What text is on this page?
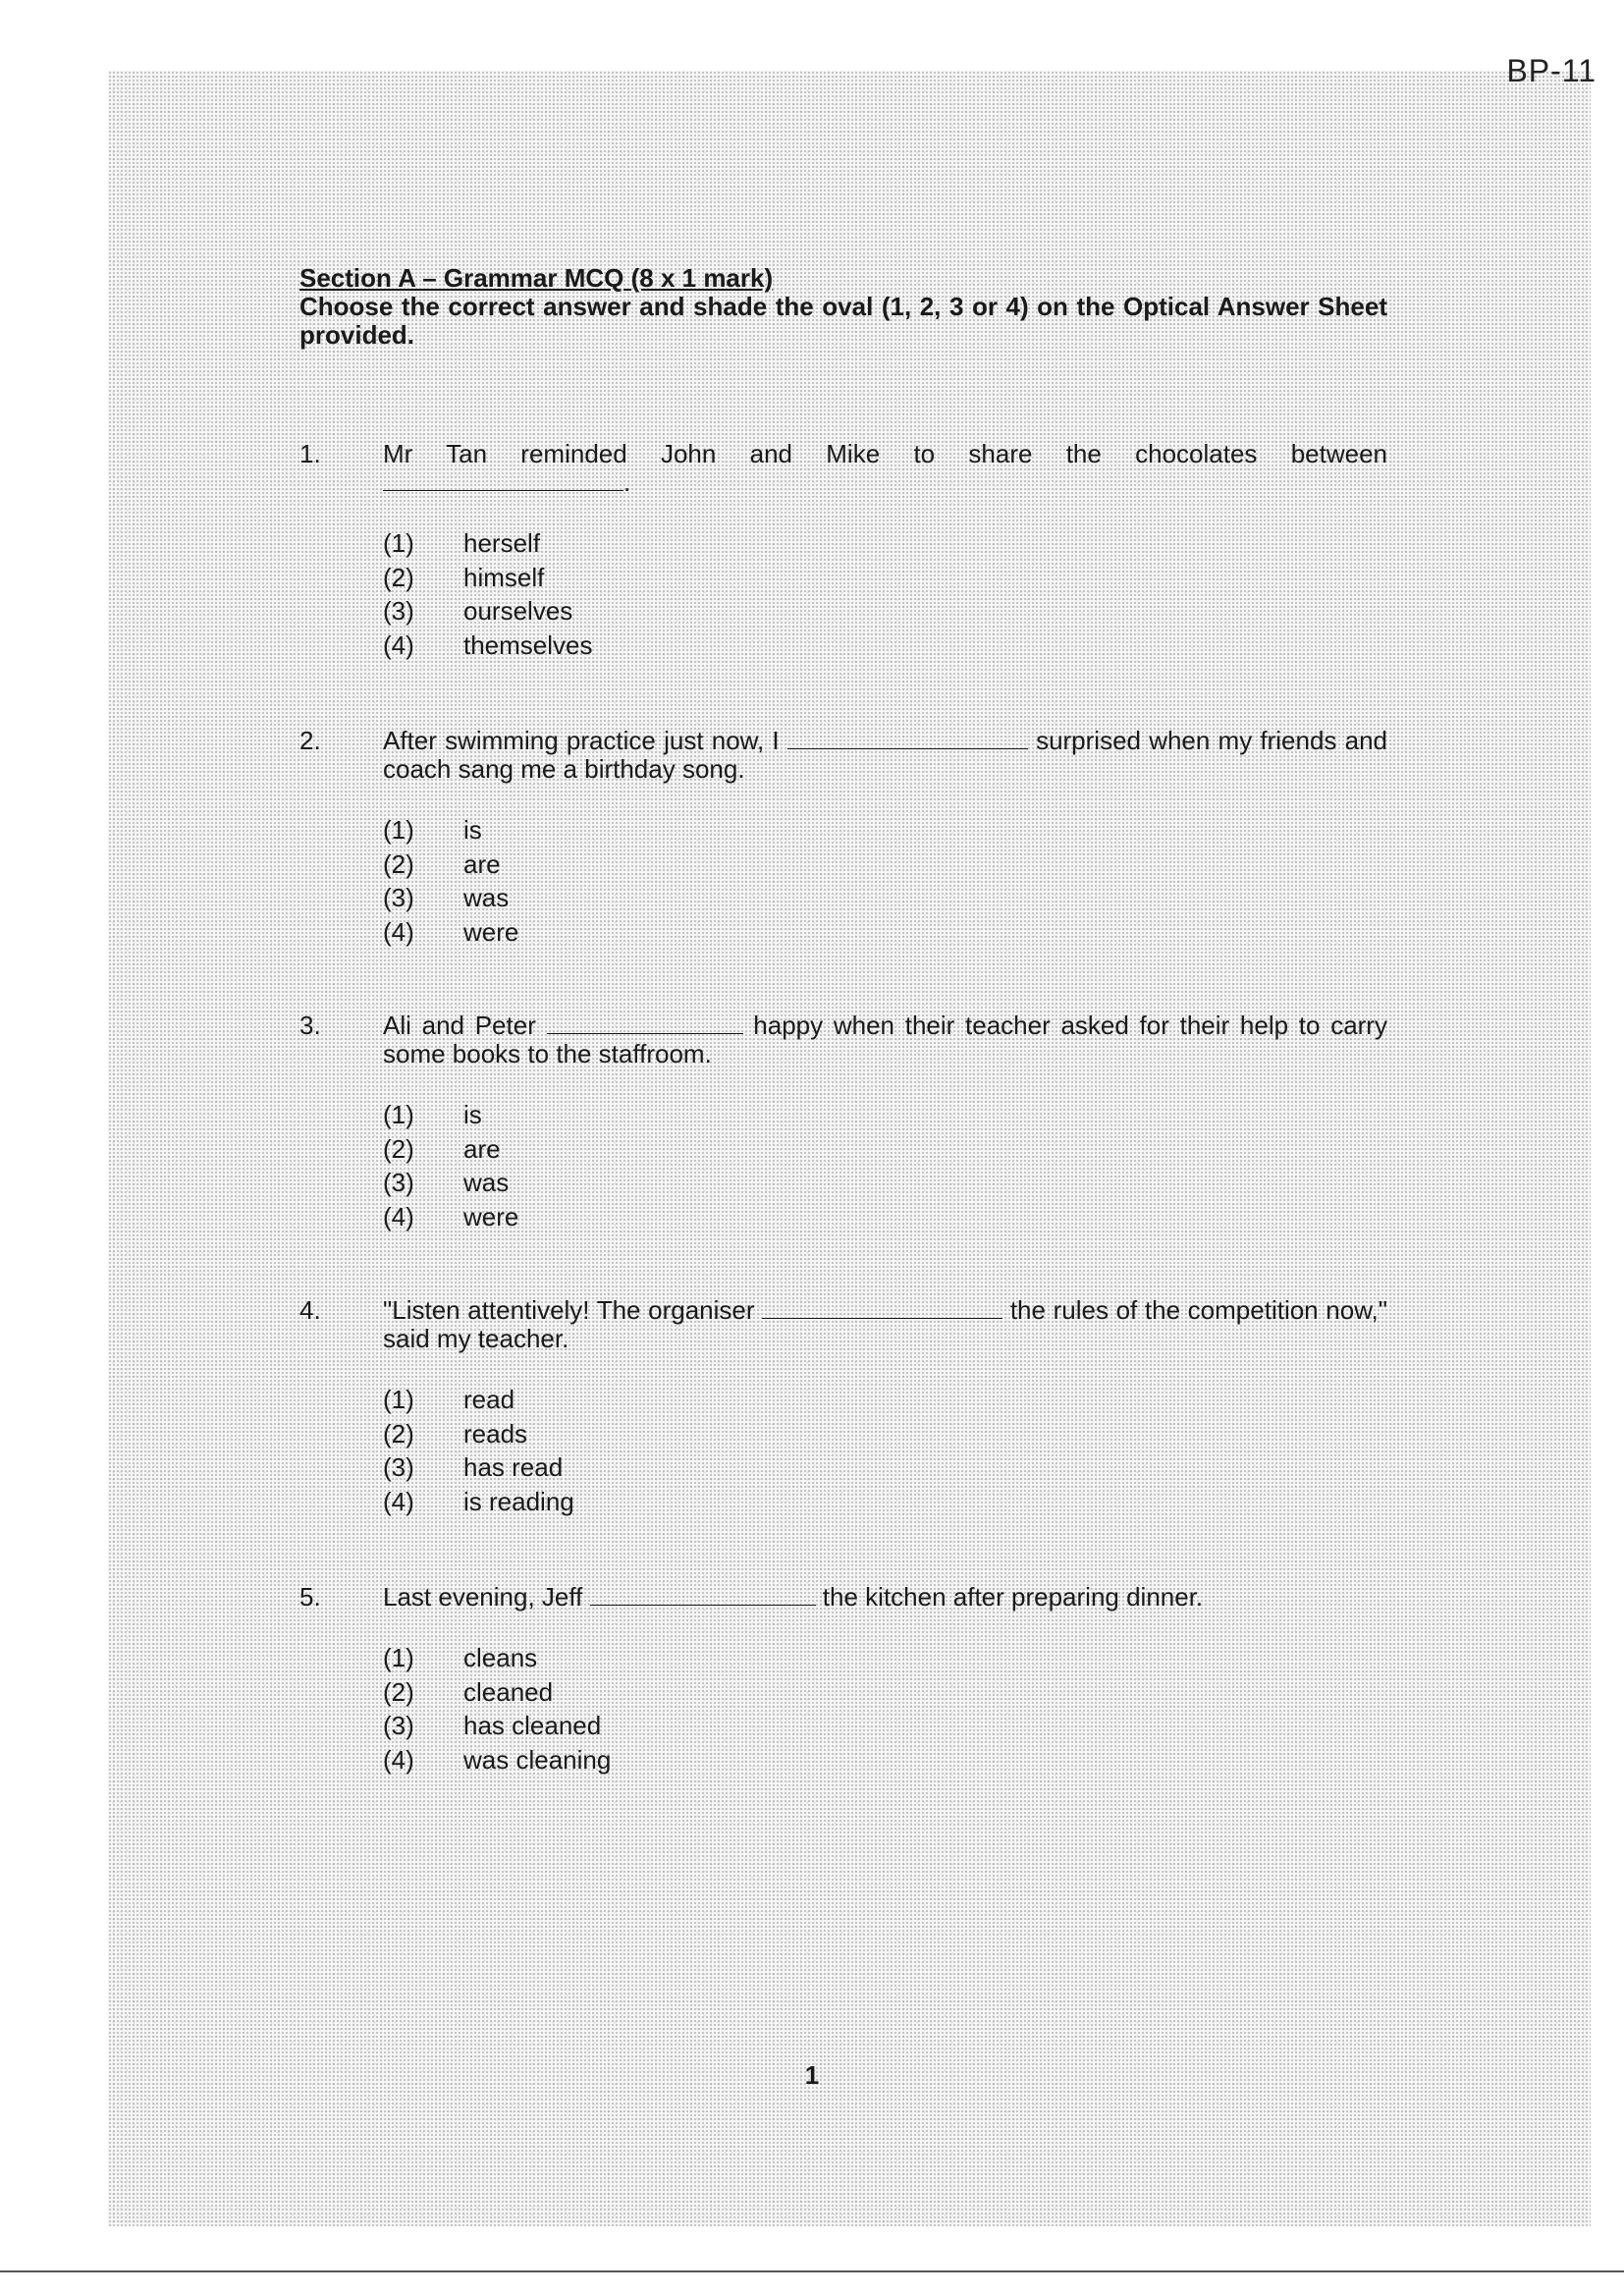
BP-11
Section A – Grammar MCQ (8 x 1 mark)
Choose the correct answer and shade the oval (1, 2, 3 or 4) on the Optical Answer Sheet provided.
1. Mr Tan reminded John and Mike to share the chocolates between
.
(1)	herself
(2)	himself
(3)	ourselves
(4)	themselves
2. After swimming practice just now, I	surprised when my friends and coach sang me a birthday song.
(1)	is
(2)	are
(3)	was
(4)	were
3. Ali and Peter	happy when their teacher asked for their help to carry some books to the staffroom.
(1)	is
(2)	are
(3)	was
(4)	were
4. "Listen attentively! The organiser	the rules of the competition now," said my teacher.
(1)	read
(2)	reads
(3)	has read
(4)	is reading
5. Last evening, Jeff	the kitchen after preparing dinner.
(1)	cleans
(2)	cleaned
(3)	has cleaned
(4)	was cleaning
1
